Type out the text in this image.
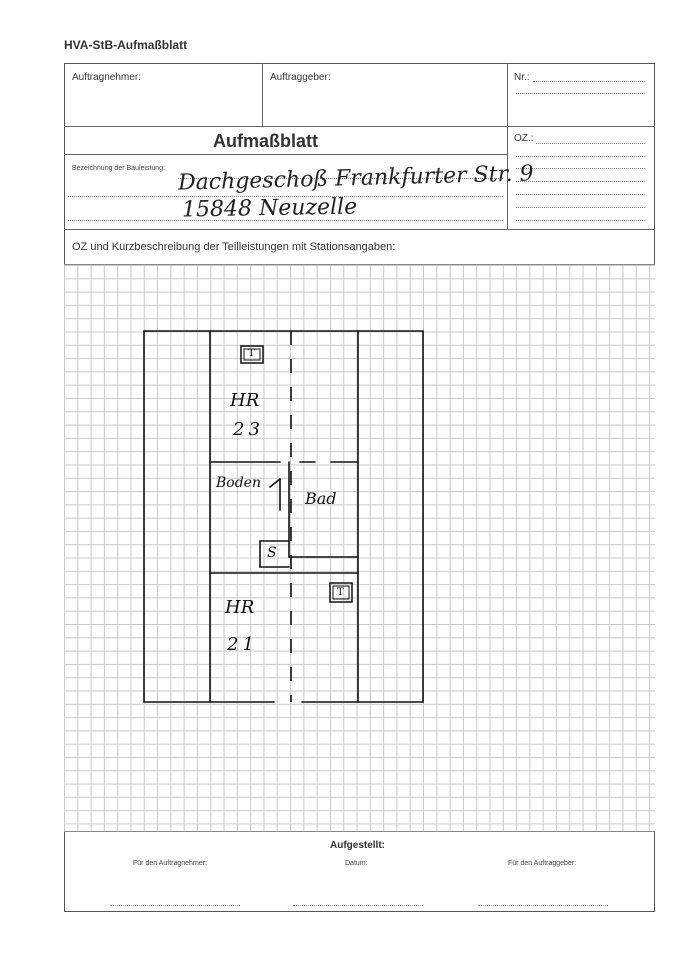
HVA-StB-Aufmaßblatt
Auftragnehmer:	Auftraggeber:	Nr.:
Aufmaßblatt	OZ.:
Bezeichnung der Bauleistung: Dachgeschoß Frankfurter Str. 9
15848 Neuzelle
OZ und Kurzbeschreibung der Teilleistungen mit Stationsangaben:
T
T
HR
23
Boden
Bad
S
HR
21
Aufgestellt:
Für den Auftragnehmer:	Datum:	Für den Auftraggeber:
